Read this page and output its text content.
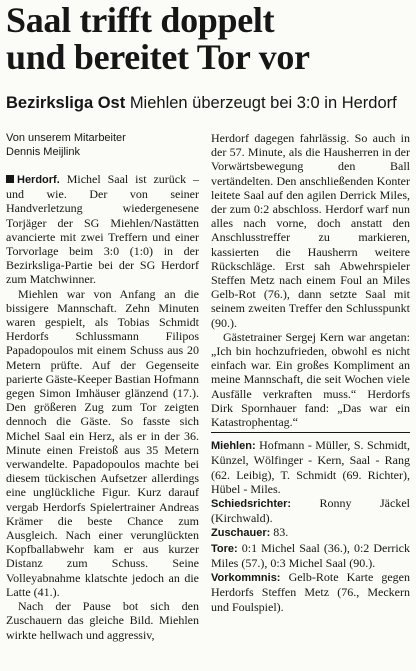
Saal trifft doppelt
und bereitet Tor vor
Bezirksliga Ost Miehlen überzeugt bei 3:0 in Herdorf
Von unserem Mitarbeiter
Dennis Meijlink

Herdorf. Michel Saal ist zurück – und wie. Der von seiner Handverletzung wiedergenesene Torjäger der SG Miehlen/Nastätten avancierte mit zwei Treffern und einer Torvorlage beim 3:0 (1:0) in der Bezirksliga-Partie bei der SG Herdorf zum Matchwinner.

Miehlen war von Anfang an die bissigere Mannschaft. Zehn Minuten waren gespielt, als Tobias Schmidt Herdorfs Schlussmann Filipos Papadopoulos mit einem Schuss aus 20 Metern prüfte. Auf der Gegenseite parierte Gäste-Keeper Bastian Hofmann gegen Simon Imhäuser glänzend (17.). Den größeren Zug zum Tor zeigten dennoch die Gäste. So fasste sich Michel Saal ein Herz, als er in der 36. Minute einen Freistoß aus 35 Metern verwandelte. Papadopoulos machte bei diesem tückischen Aufsetzer allerdings eine unglückliche Figur. Kurz darauf vergab Herdorfs Spielertrainer Andreas Krämer die beste Chance zum Ausgleich. Nach einer verunglückten Kopfballabwehr kam er aus kurzer Distanz zum Schuss. Seine Volleyabnahme klatschte jedoch an die Latte (41.).

Nach der Pause bot sich den Zuschauern das gleiche Bild. Miehlen wirkte hellwach und aggressiv,

Herdorf dagegen fahrlässig. So auch in der 57. Minute, als die Hausherren in der Vorwärtsbewegung den Ball vertändelten. Den anschließenden Konter leitete Saal auf den agilen Derrick Miles, der zum 0:2 abschloss. Herdorf warf nun alles nach vorne, doch anstatt den Anschlusstreffer zu markieren, kassierten die Hausherrn weitere Rückschläge. Erst sah Abwehrspieler Steffen Metz nach einem Foul an Miles Gelb-Rot (76.), dann setzte Saal mit seinem zweiten Treffer den Schlusspunkt (90.).

Gästetrainer Sergej Kern war angetan: „Ich bin hochzufrieden, obwohl es nicht einfach war. Ein großes Kompliment an meine Mannschaft, die seit Wochen viele Ausfälle verkraften muss.“ Herdorfs Dirk Spornhauer fand: „Das war ein Katastrophentag.“

Miehlen: Hofmann - Müller, S. Schmidt, Künzel, Wölfinger - Kern, Saal - Rang (62. Leibig), T. Schmidt (69. Richter), Hübel - Miles.

Schiedsrichter: Ronny Jäckel (Kirchwald).

Zuschauer: 83.

Tore: 0:1 Michel Saal (36.), 0:2 Derrick Miles (57.), 0:3 Michel Saal (90.).

Vorkommnis: Gelb-Rote Karte gegen Herdorfs Steffen Metz (76., Meckern und Foulspiel).
